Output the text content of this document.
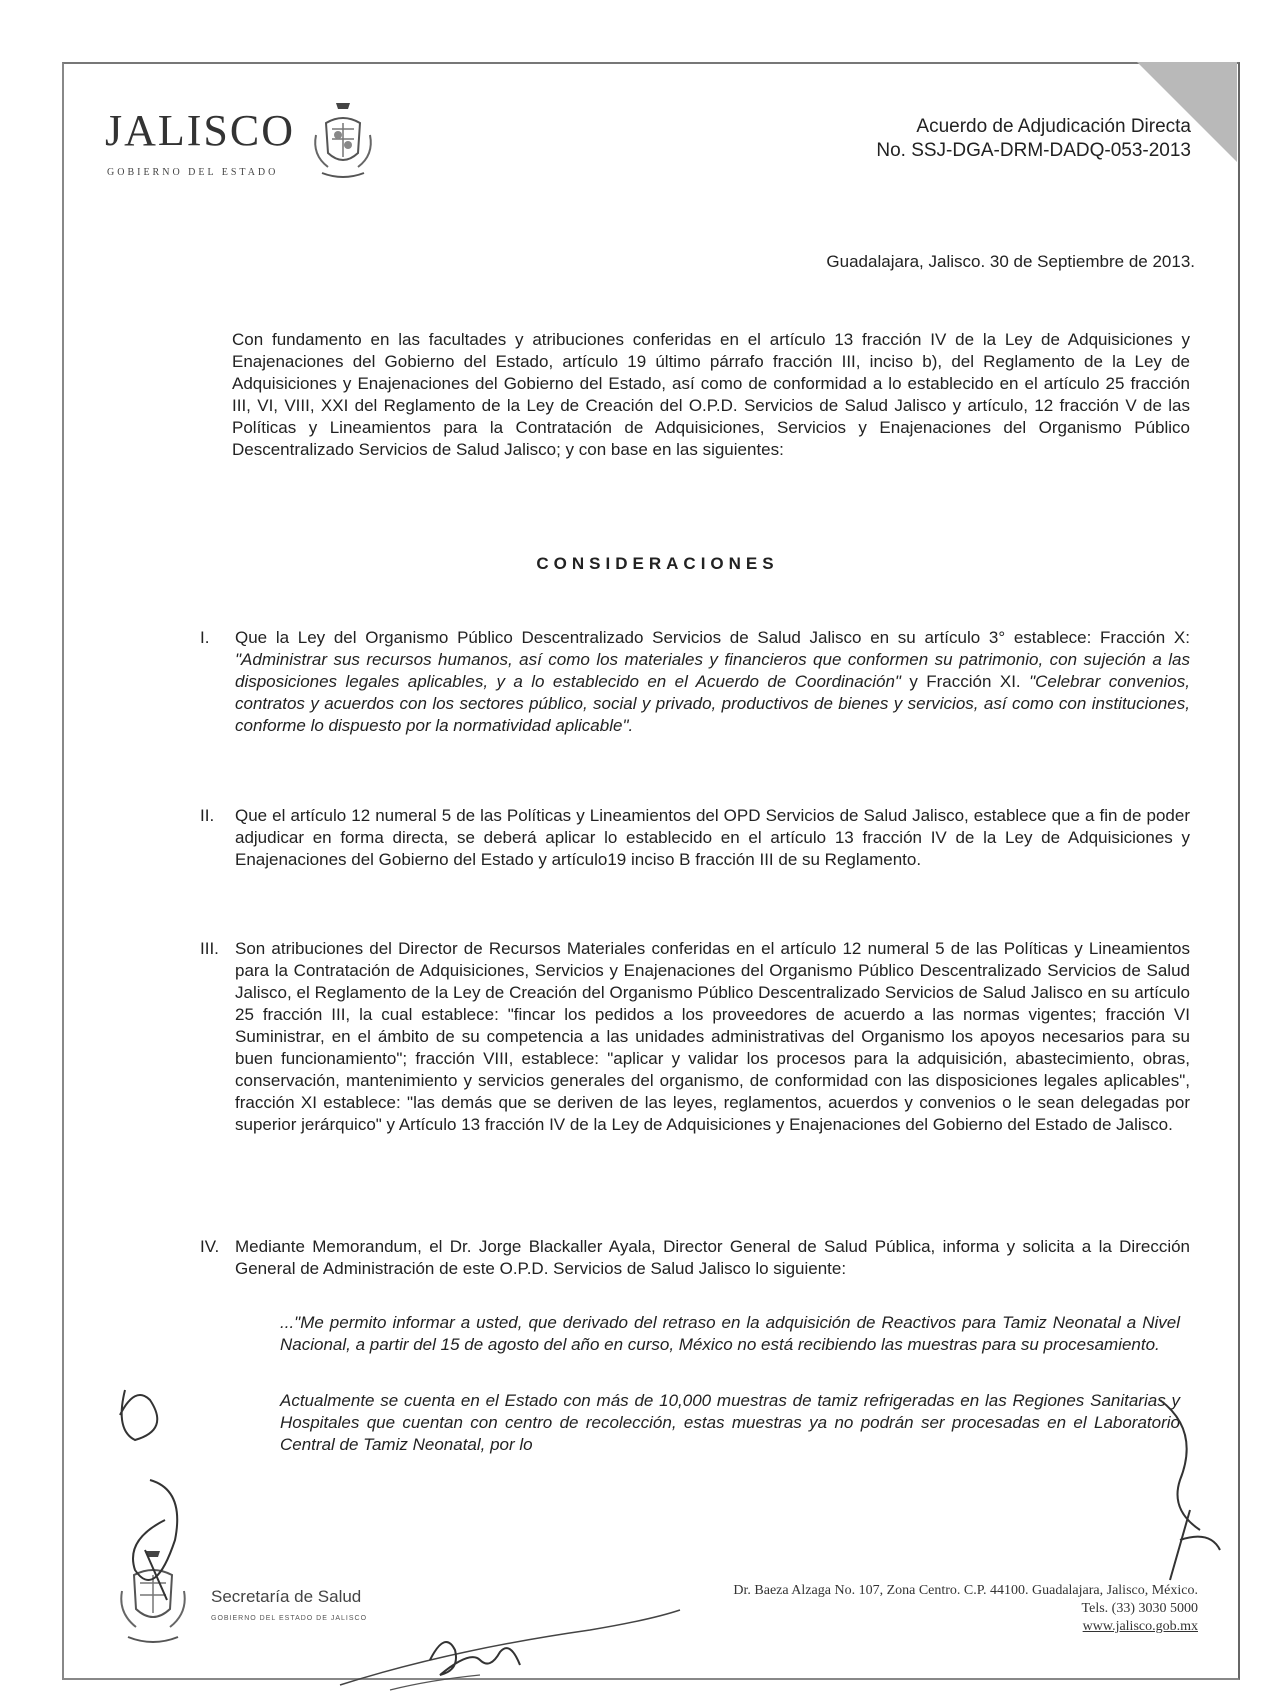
JALISCO
GOBIERNO DEL ESTADO
Acuerdo de Adjudicación Directa
No. SSJ-DGA-DRM-DADQ-053-2013
Guadalajara, Jalisco. 30 de Septiembre de 2013.
Con fundamento en las facultades y atribuciones conferidas en el artículo 13 fracción IV de la Ley de Adquisiciones y Enajenaciones del Gobierno del Estado, artículo 19 último párrafo fracción III, inciso b), del Reglamento de la Ley de Adquisiciones y Enajenaciones del Gobierno del Estado, así como de conformidad a lo establecido en el artículo 25 fracción III, VI, VIII, XXI del Reglamento de la Ley de Creación del O.P.D. Servicios de Salud Jalisco y artículo, 12 fracción V de las Políticas y Lineamientos para la Contratación de Adquisiciones, Servicios y Enajenaciones del Organismo Público Descentralizado Servicios de Salud Jalisco; y con base en las siguientes:
CONSIDERACIONES
I.	Que la Ley del Organismo Público Descentralizado Servicios de Salud Jalisco en su artículo 3° establece: Fracción X: "Administrar sus recursos humanos, así como los materiales y financieros que conformen su patrimonio, con sujeción a las disposiciones legales aplicables, y a lo establecido en el Acuerdo de Coordinación" y Fracción XI. "Celebrar convenios, contratos y acuerdos con los sectores público, social y privado, productivos de bienes y servicios, así como con instituciones, conforme lo dispuesto por la normatividad aplicable".
II.	Que el artículo 12 numeral 5 de las Políticas y Lineamientos del OPD Servicios de Salud Jalisco, establece que a fin de poder adjudicar en forma directa, se deberá aplicar lo establecido en el artículo 13 fracción IV de la Ley de Adquisiciones y Enajenaciones del Gobierno del Estado y artículo19 inciso B fracción III de su Reglamento.
III. Son atribuciones del Director de Recursos Materiales conferidas en el artículo 12 numeral 5 de las Políticas y Lineamientos para la Contratación de Adquisiciones, Servicios y Enajenaciones del Organismo Público Descentralizado Servicios de Salud Jalisco, el Reglamento de la Ley de Creación del Organismo Público Descentralizado Servicios de Salud Jalisco en su artículo 25 fracción III, la cual establece: "fincar los pedidos a los proveedores de acuerdo a las normas vigentes; fracción VI Suministrar, en el ámbito de su competencia a las unidades administrativas del Organismo los apoyos necesarios para su buen funcionamiento"; fracción VIII, establece: "aplicar y validar los procesos para la adquisición, abastecimiento, obras, conservación, mantenimiento y servicios generales del organismo, de conformidad con las disposiciones legales aplicables", fracción XI establece: "las demás que se deriven de las leyes, reglamentos, acuerdos y convenios o le sean delegadas por superior jerárquico" y Artículo 13 fracción IV de la Ley de Adquisiciones y Enajenaciones del Gobierno del Estado de Jalisco.
IV. Mediante Memorandum, el Dr. Jorge Blackaller Ayala, Director General de Salud Pública, informa y solicita a la Dirección General de Administración de este O.P.D. Servicios de Salud Jalisco lo siguiente:
..."Me permito informar a usted, que derivado del retraso en la adquisición de Reactivos para Tamiz Neonatal a Nivel Nacional, a partir del 15 de agosto del año en curso, México no está recibiendo las muestras para su procesamiento.
Actualmente se cuenta en el Estado con más de 10,000 muestras de tamiz refrigeradas en las Regiones Sanitarias y Hospitales que cuentan con centro de recolección, estas muestras ya no podrán ser procesadas en el Laboratorio Central de Tamiz Neonatal, por lo
Secretaría de Salud
GOBIERNO DEL ESTADO DE JALISCO
Dr. Baeza Alzaga No. 107, Zona Centro. C.P. 44100. Guadalajara, Jalisco, México.
Tels. (33) 3030 5000
www.jalisco.gob.mx
